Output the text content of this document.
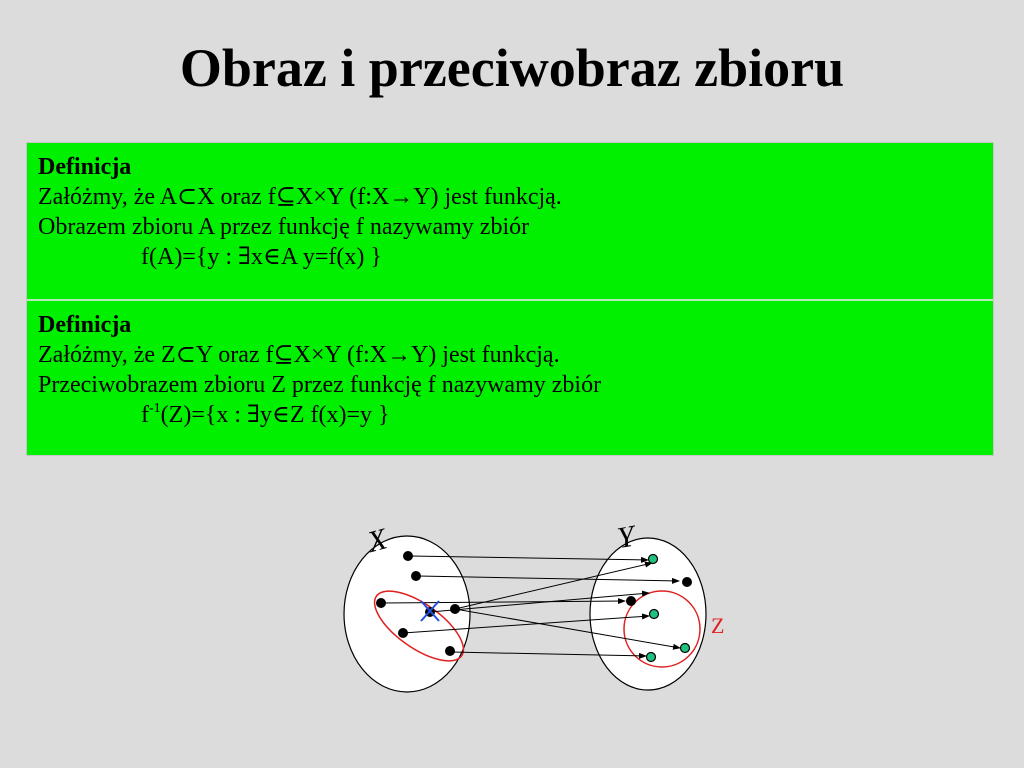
Obraz i przeciwobraz zbioru
Definicja
Załóżmy, że A⊂X oraz f⊆X×Y (f:X→Y) jest funkcją.
Obrazem zbioru A przez funkcję f nazywamy zbiór
f(A)={y : ∃x∈A y=f(x) }
Definicja
Załóżmy, że Z⊂Y oraz f⊆X×Y (f:X→Y) jest funkcją.
Przeciwobrazem zbioru Z przez funkcję f nazywamy zbiór
$f^{-1}(Z)=\{x$ : ∃y∈Z f(x)=y }
X	Y
Z
